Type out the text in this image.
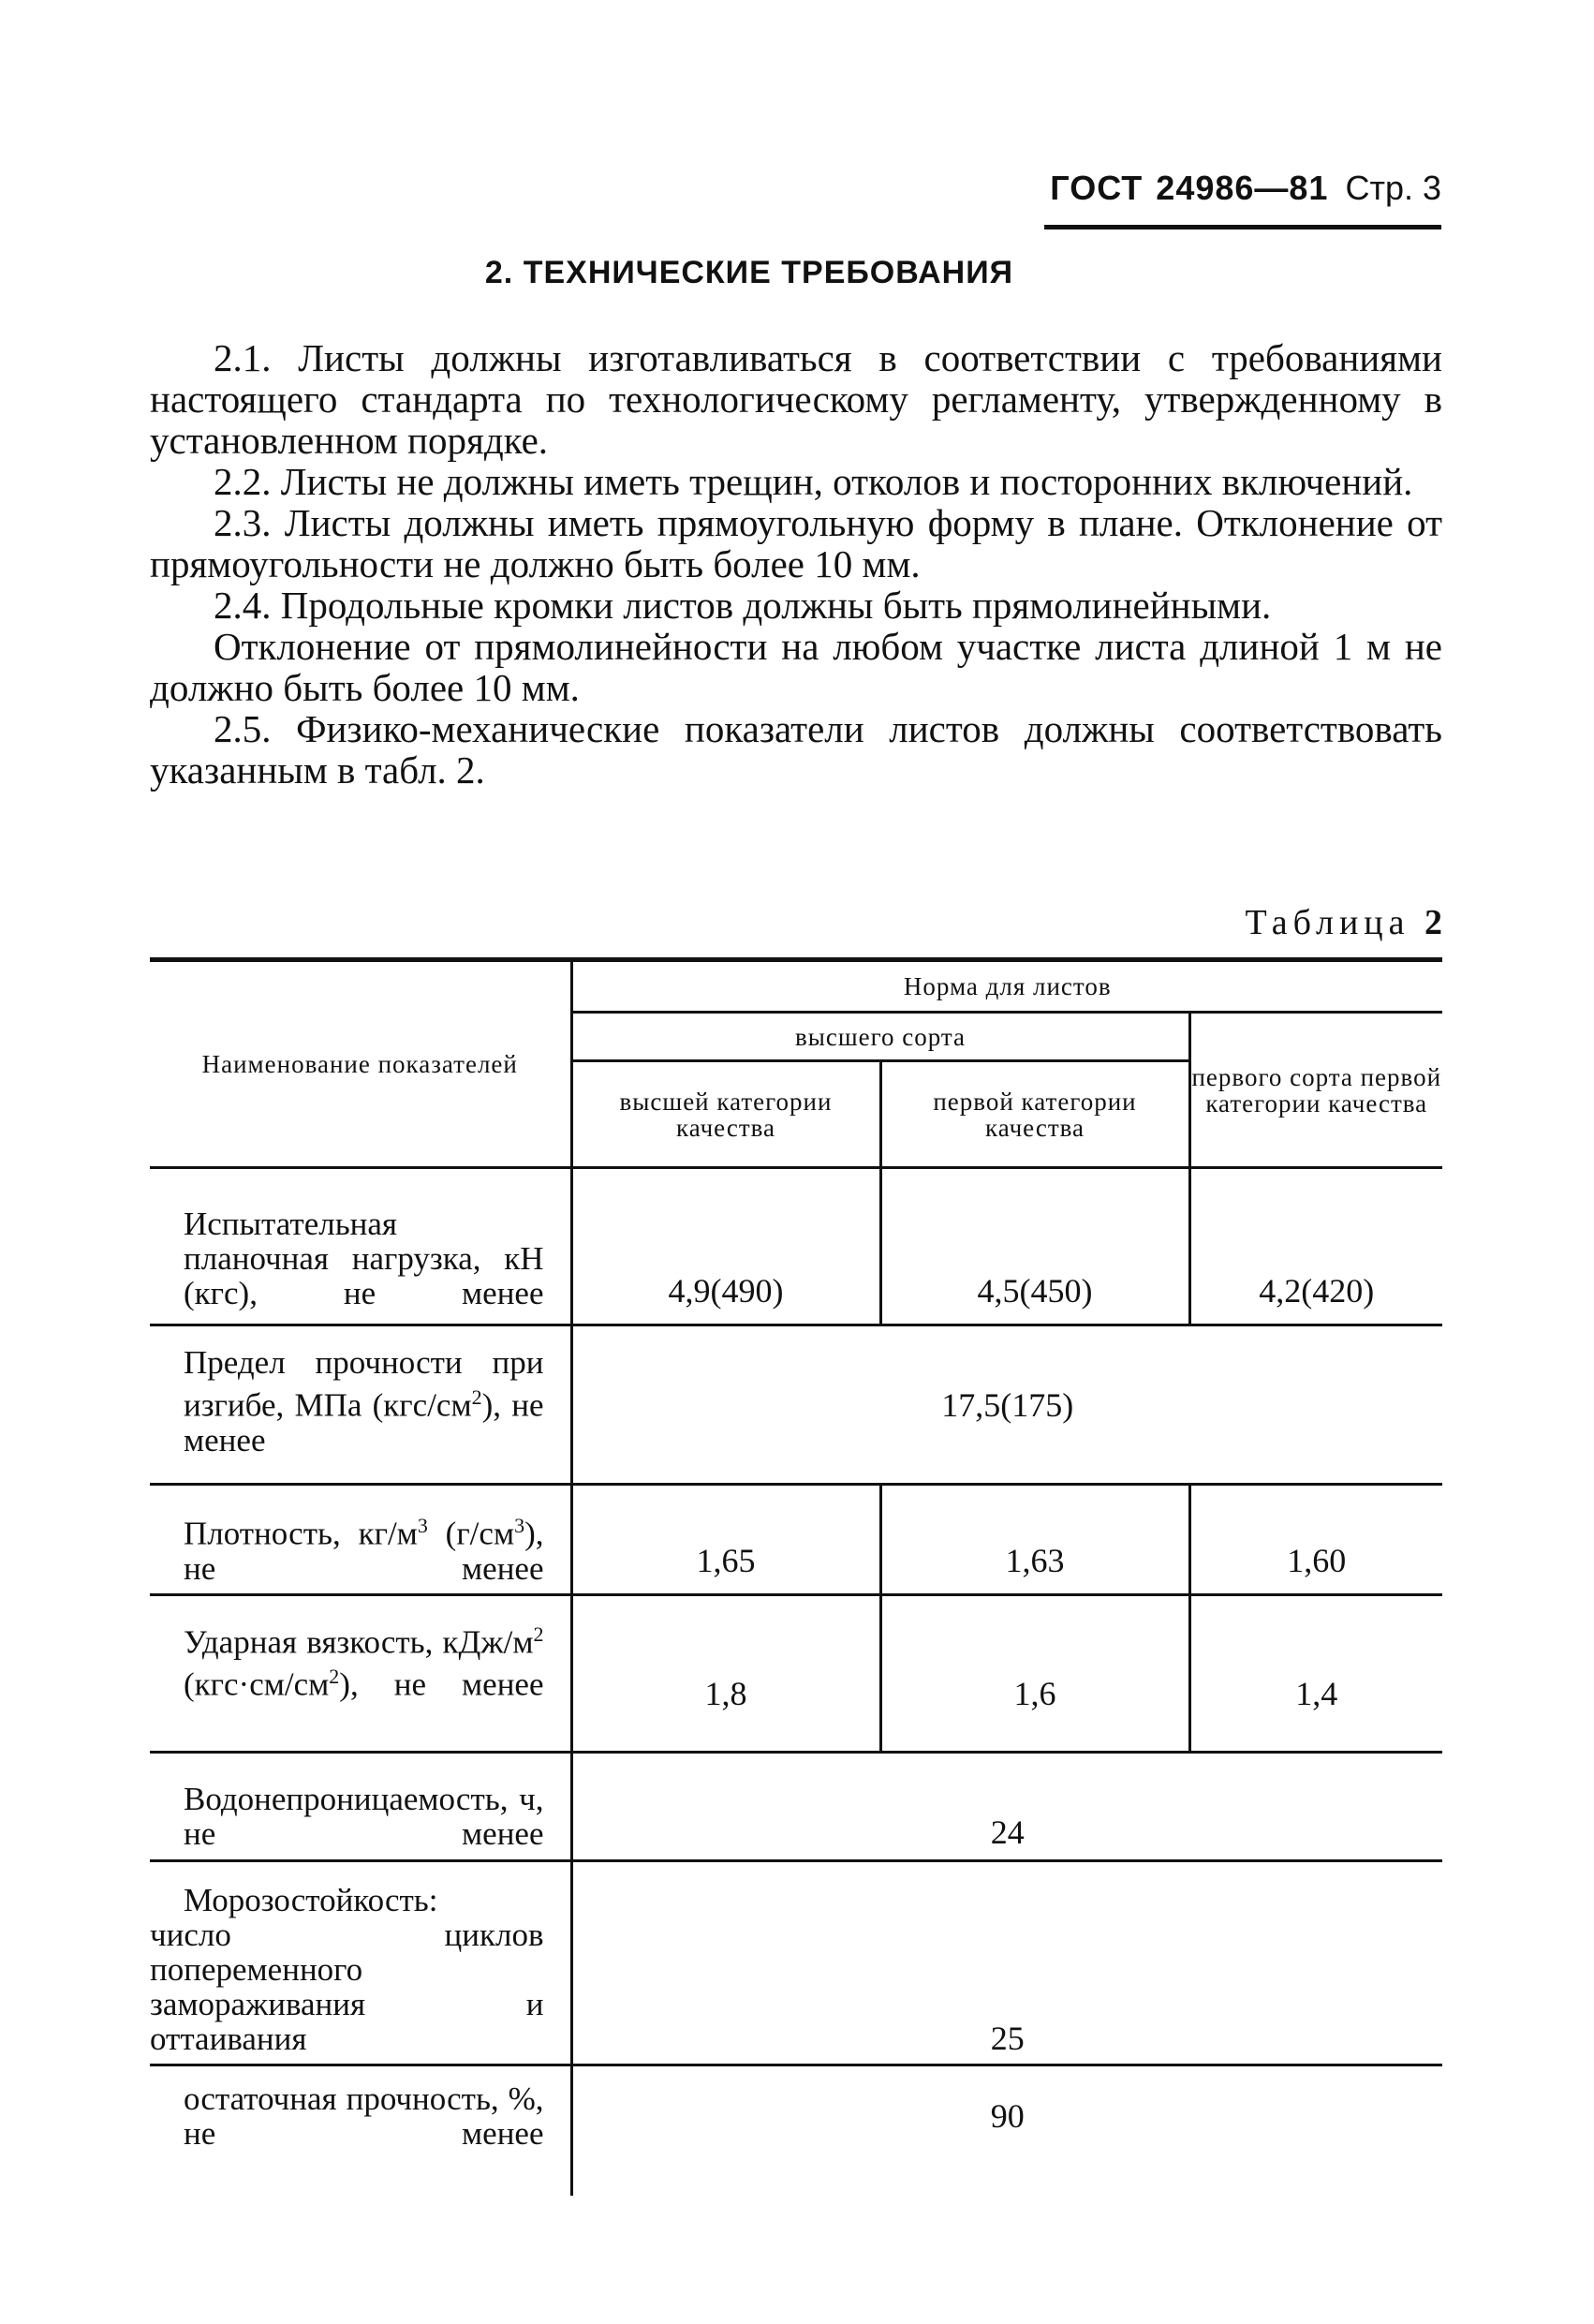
ГОСТ 24986—81 Стр. 3
2. ТЕХНИЧЕСКИЕ ТРЕБОВАНИЯ

2.1. Листы должны изготавливаться в соответствии с требованиями настоящего стандарта по технологическому регламенту, утвержденному в установленном порядке.

2.2. Листы не должны иметь трещин, отколов и посторонних включений.

2.3. Листы должны иметь прямоугольную форму в плане. Отклонение от прямоугольности не должно быть более 10 мм.

2.4. Продольные кромки листов должны быть прямолинейными.

Отклонение от прямолинейности на любом участке листа длиной 1 м не должно быть более 10 мм.

2.5. Физико-механические показатели листов должны соответствовать указанным в табл. 2.

Таблица 2
Наименование показателей	Норма для листов		
	высшего сорта		первого сорта первой категории качества
	высшей категории качества	первой категории качества	

Испытательная планочная нагрузка, кН (кгс), не менее	4,9(490)	4,5(450)	4,2(420)

Предел прочности при изгибе, МПа $(кгс/см^2)$, не менее	17,5(175)		

Плотность, $кг/м^3$ $(г/см^3)$, не менее	1,65	1,63	1,60

Ударная вязкость, кДж/$м^2$ $(кгс\cdot см/см^2)$, не менее	1,8	1,6	1,4

Водонепроницаемость, ч, не менее	24		

Морозостойкость:
число циклов попеременного замораживания и оттаивания	25		

остаточная прочность, %, не менее	90		
